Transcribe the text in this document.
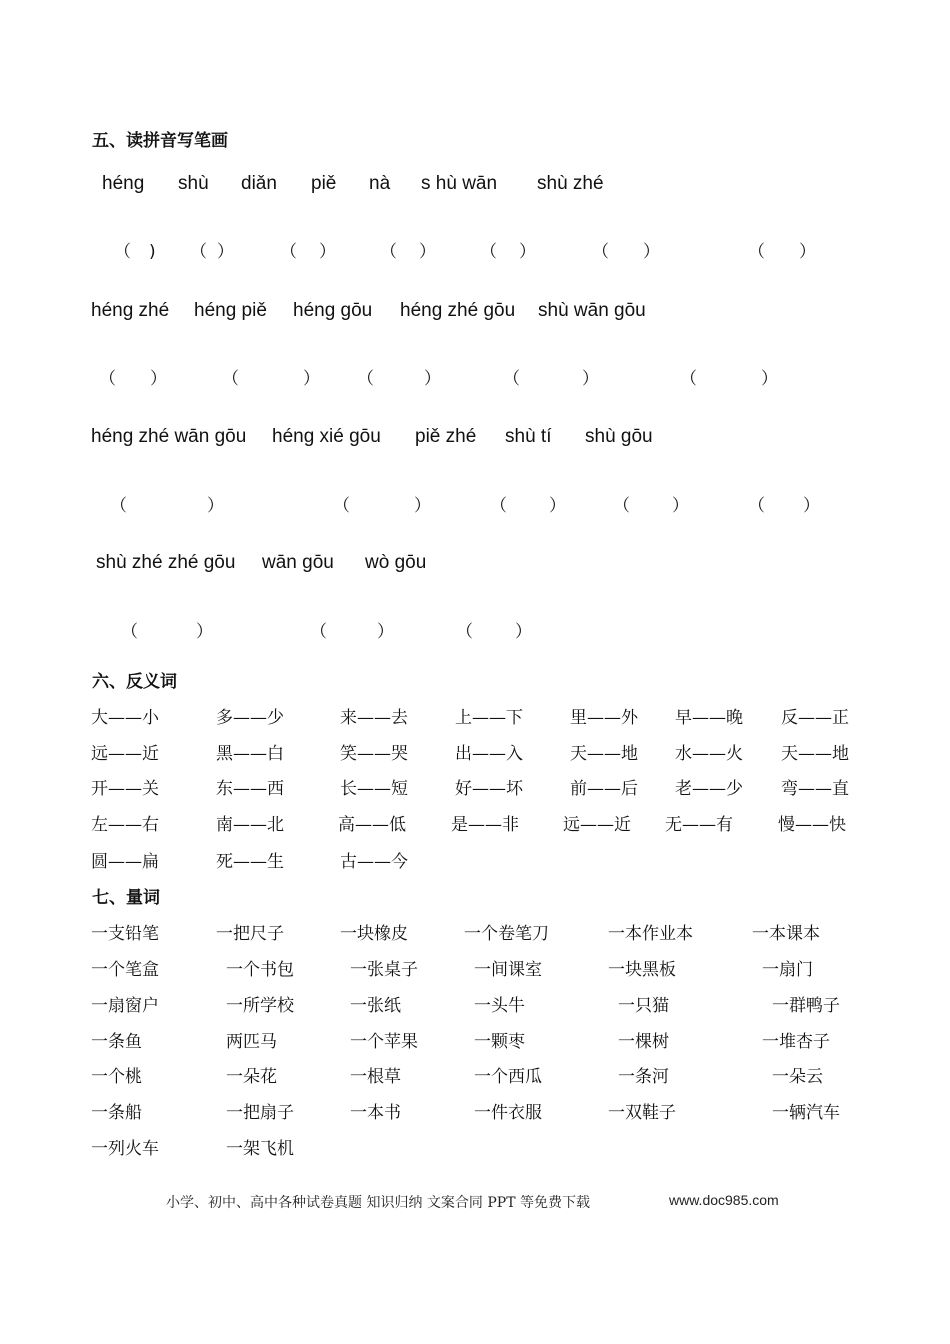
五、读拼音写笔画
héng shù diǎn piě nà s hù wān shù zhé
（ ) （ ）	（ ）	（ ）	（ ）	（ ）	（ ）
héng zhé héng piě héng gōu héng zhé gōu shù wān gōu
（ ）	（	） （	）	（	）	（	）
héng zhé wān gōu héng xié gōu piě zhé shù tí shù gōu
（	）	（	）	（ ）	（ ）	（ ）
shù zhé zhé gōu wān gōu wò gōu
（	）	（	）	（ ）
六、反义词
大——小	多——少	来——去	上——下	里——外 早——晚 反——正
远——近	黑——白	笑——哭	出——入	天——地 水——火 天——地
开——关	东——西	长——短	好——坏	前——后 老——少 弯——直
左——右	南——北	高——低	是——非	远——近 无——有	慢——快
圆——扁	死——生	古——今
七、量词
一支铅笔	一把尺子	一块橡皮	一个卷笔刀	一本作业本	一本课本
一个笔盒	一个书包	一张桌子	一间课室	一块黑板	一扇门
一扇窗户	一所学校	一张纸	一头牛	一只猫	一群鸭子
一条鱼	两匹马	一个苹果	一颗枣	一棵树	一堆杏子
一个桃	一朵花	一根草	一个西瓜	一条河	一朵云
一条船	一把扇子	一本书	一件衣服	一双鞋子	一辆汽车
一列火车	一架飞机
小学、初中、高中各种试卷真题 知识归纳 文案合同 PPT 等免费下载	www.doc985.com
